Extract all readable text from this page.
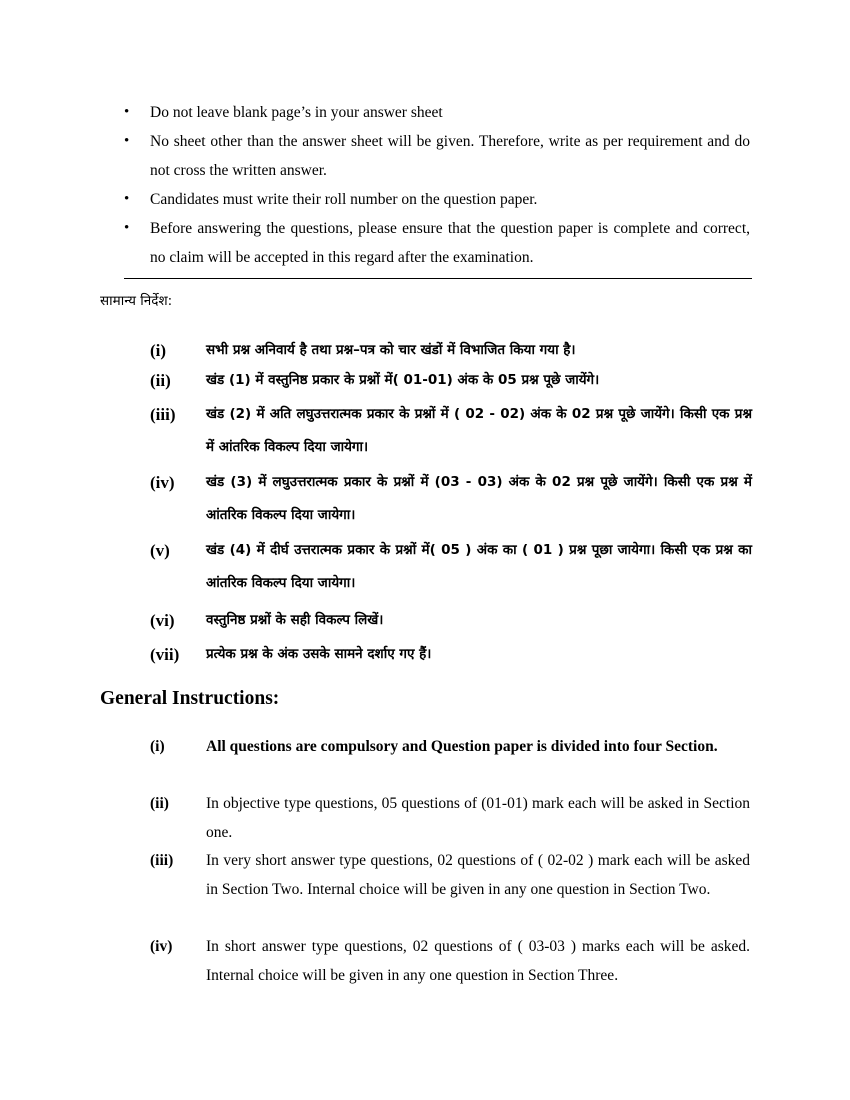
• Do not leave blank page’s in your answer sheet
• No sheet other than the answer sheet will be given. Therefore, write as per requirement and do not cross the written answer.
• Candidates must write their roll number on the question paper.
• Before answering the questions, please ensure that the question paper is complete and correct, no claim will be accepted in this regard after the examination.
सामान्य निर्देश:
(i)	सभी प्रश्न अनिवार्य है तथा प्रश्न–पत्र को चार खंडों में विभाजित किया गया है।
(ii)	खंड (1) में वस्तुनिष्ठ प्रकार के प्रश्नों में( 01-01) अंक के 05 प्रश्न पूछे जायेंगे।
(iii) खंड (2) में अति लघुउत्तरात्मक प्रकार के प्रश्नों में ( 02 - 02) अंक के 02 प्रश्न पूछे जायेंगे। किसी एक प्रश्न में आंतरिक विकल्प दिया जायेगा।
(iv) खंड (3) में लघुउत्तरात्मक प्रकार के प्रश्नों में (03 - 03) अंक के 02 प्रश्न पूछे जायेंगे। किसी एक प्रश्न में आंतरिक विकल्प दिया जायेगा।
(v)	खंड (4) में दीर्घ उत्तरात्मक प्रकार के प्रश्नों में( 05 ) अंक का ( 01 ) प्रश्न पूछा जायेगा। किसी एक प्रश्न का आंतरिक विकल्प दिया जायेगा।
(vi) वस्तुनिष्ठ प्रश्नों के सही विकल्प लिखें।
(vii) प्रत्येक प्रश्न के अंक उसके सामने दर्शाए गए हैं।
General Instructions:
(i)	All questions are compulsory and Question paper is divided into four Section.
(ii) In objective type questions, 05 questions of (01-01) mark each will be asked in Section one.
(iii) In very short answer type questions, 02 questions of ( 02-02 ) mark each will be asked in Section Two. Internal choice will be given in any one question in Section Two.
(iv) In short answer type questions, 02 questions of ( 03-03 ) marks each will be asked. Internal choice will be given in any one question in Section Three.
